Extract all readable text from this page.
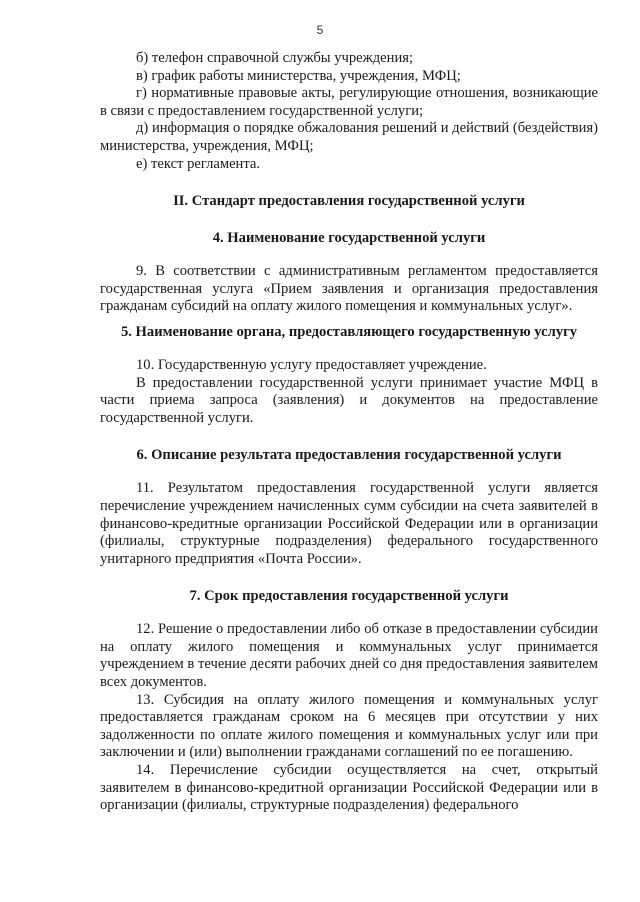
5

б) телефон справочной службы учреждения;

в) график работы министерства, учреждения, МФЦ;

г) нормативные правовые акты, регулирующие отношения, возникающие в связи с предоставлением государственной услуги;

д) информация о порядке обжалования решений и действий (бездействия) министерства, учреждения, МФЦ;

е) текст регламента.

II. Стандарт предоставления государственной услуги
4. Наименование государственной услуги

9. В соответствии с административным регламентом предоставляется государственная услуга «Прием заявления и организация предоставления гражданам субсидий на оплату жилого помещения и коммунальных услуг».

5. Наименование органа, предоставляющего государственную услугу

10. Государственную услугу предоставляет учреждение.

В предоставлении государственной услуги принимает участие МФЦ в части приема запроса (заявления) и документов на предоставление государственной услуги.

6. Описание результата предоставления государственной услуги

11. Результатом предоставления государственной услуги является перечисление учреждением начисленных сумм субсидии на счета заявителей в финансово-кредитные организации Российской Федерации или в организации (филиалы, структурные подразделения) федерального государственного унитарного предприятия «Почта России».

7. Срок предоставления государственной услуги

12. Решение о предоставлении либо об отказе в предоставлении субсидии на оплату жилого помещения и коммунальных услуг принимается учреждением в течение десяти рабочих дней со дня предоставления заявителем всех документов.

13. Субсидия на оплату жилого помещения и коммунальных услуг предоставляется гражданам сроком на 6 месяцев при отсутствии у них задолженности по оплате жилого помещения и коммунальных услуг или при заключении и (или) выполнении гражданами соглашений по ее погашению.

14. Перечисление субсидии осуществляется на счет, открытый заявителем в финансово-кредитной организации Российской Федерации или в организации (филиалы, структурные подразделения) федерального
